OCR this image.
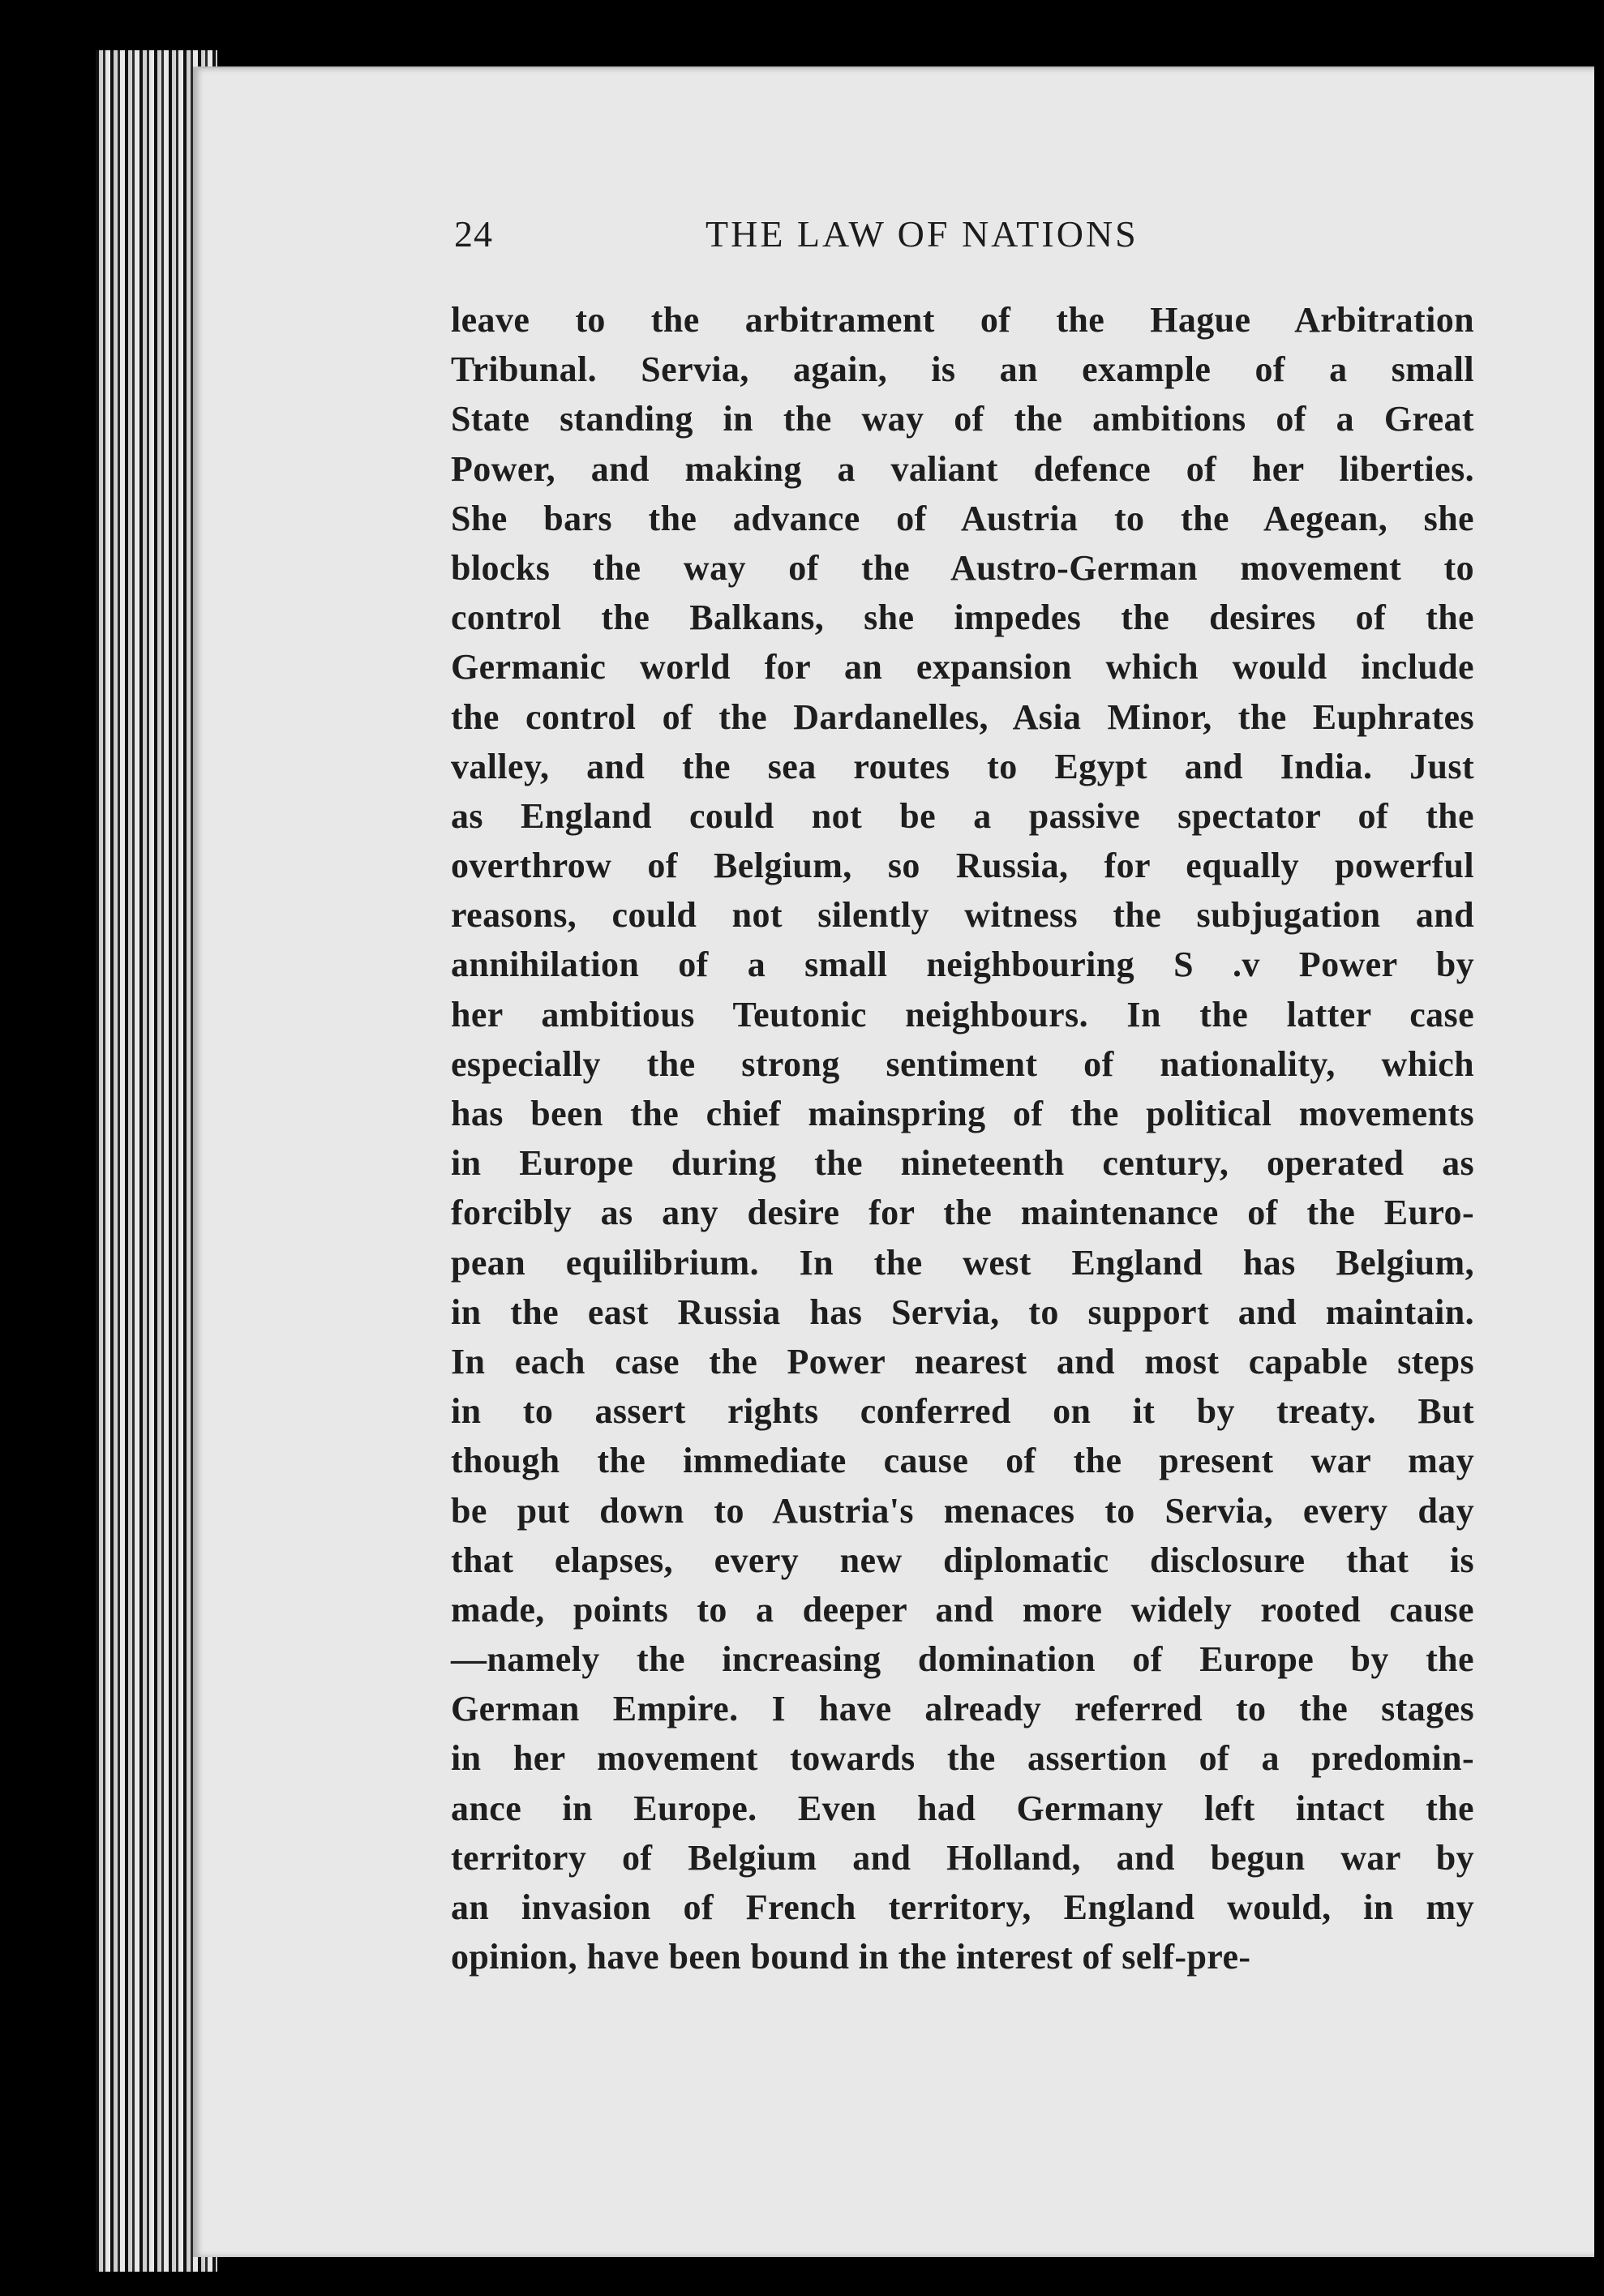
24	THE LAW OF NATIONS
leave to the arbitrament of the Hague Arbitration
Tribunal. Servia, again, is an example of a small
State standing in the way of the ambitions of a Great
Power, and making a valiant defence of her liberties.
She bars the advance of Austria to the Aegean, she
blocks the way of the Austro-German movement to
control the Balkans, she impedes the desires of the
Germanic world for an expansion which would include
the control of the Dardanelles, Asia Minor, the Euphrates
valley, and the sea routes to Egypt and India. Just
as England could not be a passive spectator of the
overthrow of Belgium, so Russia, for equally powerful
reasons, could not silently witness the subjugation and
annihilation of a small neighbouring S .v Power by
her ambitious Teutonic neighbours. In the latter case
especially the strong sentiment of nationality, which
has been the chief mainspring of the political movements
in Europe during the nineteenth century, operated as
forcibly as any desire for the maintenance of the Euro-
pean equilibrium. In the west England has Belgium,
in the east Russia has Servia, to support and maintain.
In each case the Power nearest and most capable steps
in to assert rights conferred on it by treaty. But
though the immediate cause of the present war may
be put down to Austria's menaces to Servia, every day
that elapses, every new diplomatic disclosure that is
made, points to a deeper and more widely rooted cause
—namely the increasing domination of Europe by the
German Empire. I have already referred to the stages
in her movement towards the assertion of a predomin-
ance in Europe. Even had Germany left intact the
territory of Belgium and Holland, and begun war by
an invasion of French territory, England would, in my
opinion, have been bound in the interest of self-pre-
